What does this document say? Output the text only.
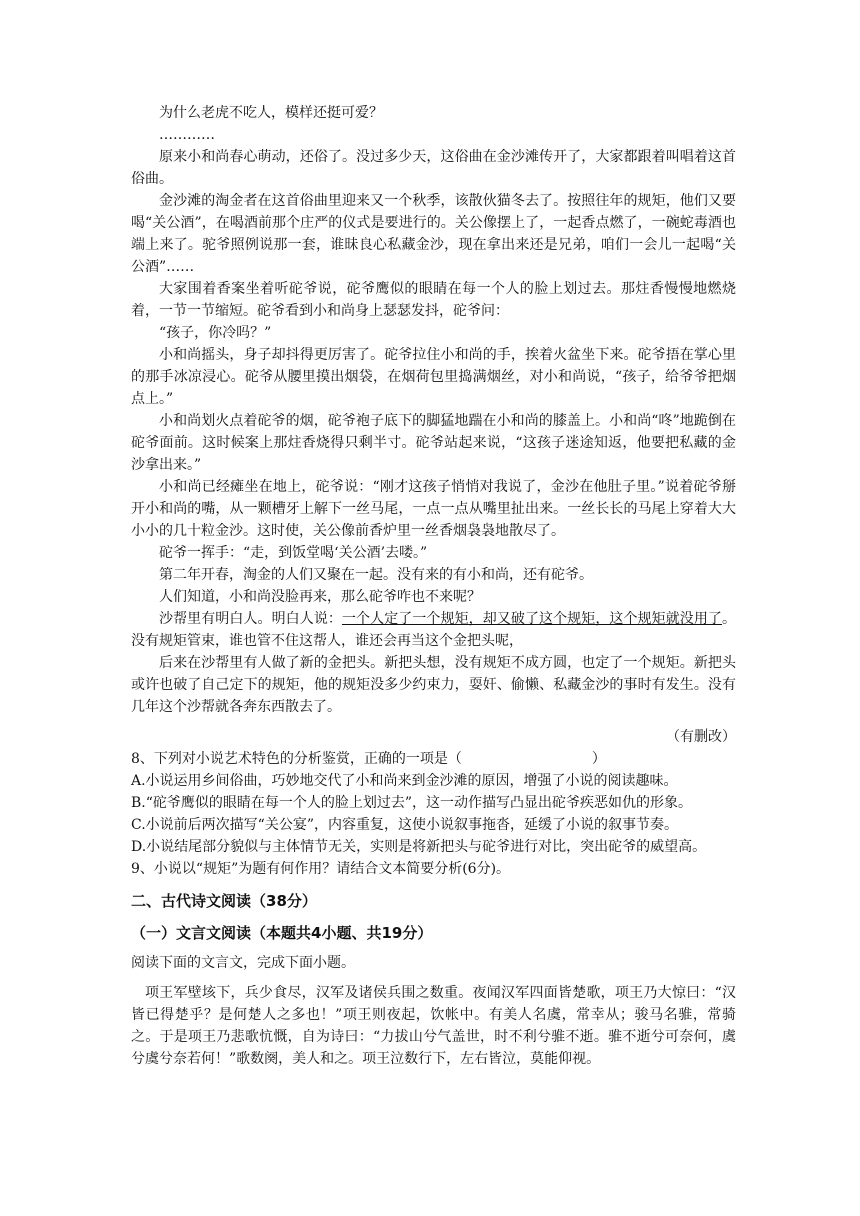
为什么老虎不吃人，模样还挺可爱？

…………

原来小和尚春心萌动，还俗了。没过多少天，这俗曲在金沙滩传开了，大家都跟着叫唱着这首俗曲。

金沙滩的淘金者在这首俗曲里迎来又一个秋季，该散伙猫冬去了。按照往年的规矩，他们又要喝“关公酒”，在喝酒前那个庄严的仪式是要进行的。关公像摆上了，一起香点燃了，一碗蛇毒酒也端上来了。驼爷照例说那一套，谁昧良心私藏金沙，现在拿出来还是兄弟，咱们一会儿一起喝“关公酒”……

大家围着香案坐着听砣爷说，砣爷鹰似的眼睛在每一个人的脸上划过去。那炷香慢慢地燃烧着，一节一节缩短。砣爷看到小和尚身上瑟瑟发抖，砣爷问：

“孩子，你冷吗？”

小和尚摇头，身子却抖得更厉害了。砣爷拉住小和尚的手，挨着火盆坐下来。砣爷捂在掌心里的那手冰凉浸心。砣爷从腰里摸出烟袋，在烟荷包里捣满烟丝，对小和尚说，“孩子，给爷爷把烟点上。”

小和尚划火点着砣爷的烟，砣爷袍子底下的脚猛地踹在小和尚的膝盖上。小和尚“咚”地跪倒在砣爷面前。这时候案上那炷香烧得只剩半寸。砣爷站起来说，“这孩子迷途知返，他要把私藏的金沙拿出来。”

小和尚已经瘫坐在地上，砣爷说：“刚才这孩子悄悄对我说了，金沙在他肚子里。”说着砣爷掰开小和尚的嘴，从一颗槽牙上解下一丝马尾，一点一点从嘴里扯出来。一丝长长的马尾上穿着大大小小的几十粒金沙。这时使，关公像前香炉里一丝香烟袅袅地散尽了。

砣爷一挥手：“走，到饭堂喝‘关公酒’去喽。”

第二年开春，淘金的人们又聚在一起。没有来的有小和尚，还有砣爷。

人们知道，小和尚没脸再来，那么砣爷咋也不来呢？

沙帮里有明白人。明白人说：一个人定了一个规矩，却又破了这个规矩，这个规矩就没用了。没有规矩管束，谁也管不住这帮人，谁还会再当这个金把头呢，

后来在沙帮里有人做了新的金把头。新把头想，没有规矩不成方圆，也定了一个规矩。新把头或许也破了自己定下的规矩，他的规矩没多少约束力，耍奸、偷懒、私藏金沙的事时有发生。没有几年这个沙帮就各奔东西散去了。

（有删改）

8、下列对小说艺术特色的分析鉴赏，正确的一项是（	）

A.小说运用乡间俗曲，巧妙地交代了小和尚来到金沙滩的原因，增强了小说的阅读趣味。

B.“砣爷鹰似的眼睛在每一个人的脸上划过去”，这一动作描写凸显出砣爷疾恶如仇的形象。

C.小说前后两次描写“关公宴”，内容重复，这使小说叙事拖沓，延缓了小说的叙事节奏。

D.小说结尾部分貌似与主体情节无关，实则是将新把头与砣爷进行对比，突出砣爷的威望高。

9、小说以“规矩”为题有何作用？请结合文本简要分析(6分)。

二、古代诗文阅读（38分）
（一）文言文阅读（本题共4小题、共19分）

阅读下面的文言文，完成下面小题。

项王军壁垓下，兵少食尽，汉军及诸侯兵围之数重。夜闻汉军四面皆楚歌，项王乃大惊曰：“汉皆已得楚乎？是何楚人之多也！”项王则夜起，饮帐中。有美人名虞，常幸从；骏马名骓，常骑之。于是项王乃悲歌忼慨，自为诗曰：“力拔山兮气盖世，时不利兮骓不逝。骓不逝兮可奈何，虞兮虞兮奈若何！”歌数阕，美人和之。项王泣数行下，左右皆泣，莫能仰视。
